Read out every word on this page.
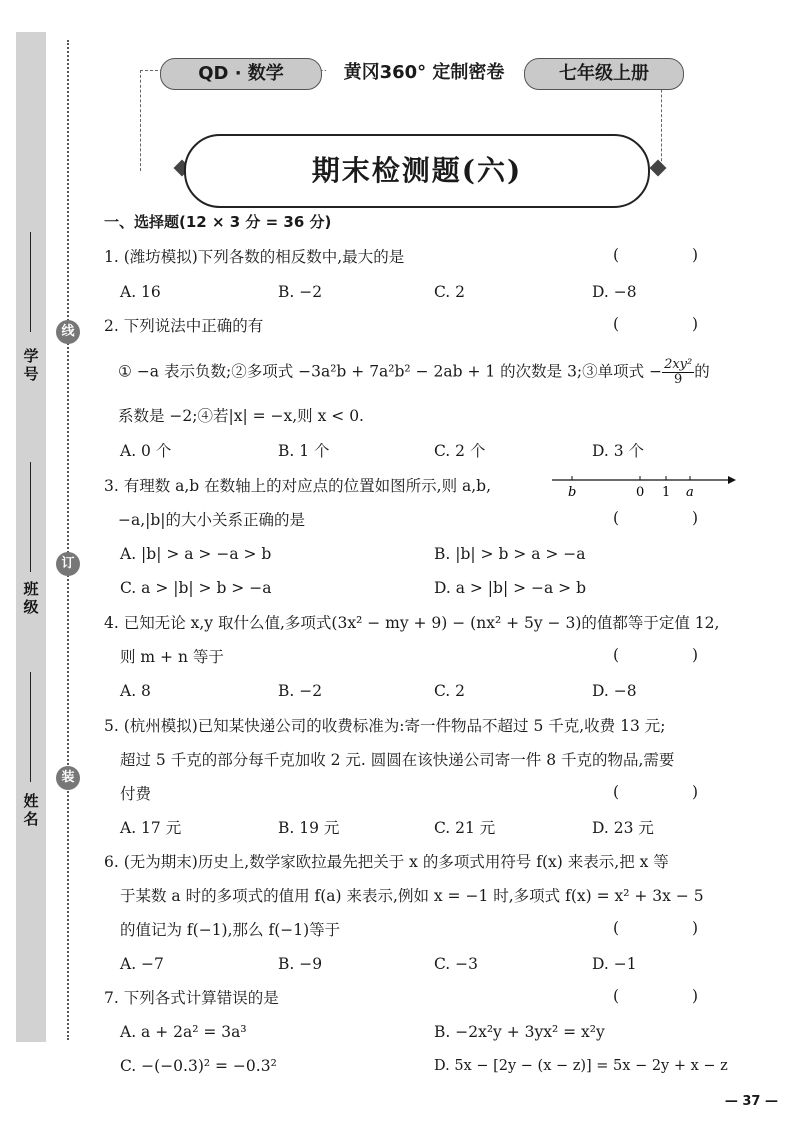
学号
班级
姓名
线
订
装
QD · 数学	黄冈360° 定制密卷	七年级上册
期末检测题(六)
一、选择题(12 × 3 分 = 36 分)
1. (潍坊模拟)下列各数的相反数中,最大的是	( )
A. 16	B. −2	C. 2	D. −8
2. 下列说法中正确的有	( )
① −a 表示负数;②多项式 −3a²b + 7a²b² − 2ab + 1 的次数是 3;③单项式 − $\frac{\text{2xy²}}{9}$ 的
系数是 −2;④若|x| = −x,则 x < 0.
A. 0 个	B. 1 个	C. 2 个	D. 3 个
3. 有理数 a,b 在数轴上的对应点的位置如图所示,则 a,b,	b	0 1 a
−a,|b|的大小关系正确的是	( )
A. |b| > a > −a > b	B. |b| > b > a > −a
C. a > |b| > b > −a	D. a > |b| > −a > b
4. 已知无论 x,y 取什么值,多项式(3x² − my + 9) − (nx² + 5y − 3)的值都等于定值 12,
则 m + n 等于	( )
A. 8	B. −2	C. 2	D. −8
5. (杭州模拟)已知某快递公司的收费标准为:寄一件物品不超过 5 千克,收费 13 元;
超过 5 千克的部分每千克加收 2 元. 圆圆在该快递公司寄一件 8 千克的物品,需要
付费	( )
A. 17 元	B. 19 元	C. 21 元	D. 23 元
6. (无为期末)历史上,数学家欧拉最先把关于 x 的多项式用符号 f(x) 来表示,把 x 等
于某数 a 时的多项式的值用 f(a) 来表示,例如 x = −1 时,多项式 f(x) = x² + 3x − 5
的值记为 f(−1),那么 f(−1)等于	( )
A. −7	B. −9	C. −3	D. −1
7. 下列各式计算错误的是	( )
A. a + 2a² = 3a³	B. −2x²y + 3yx² = x²y
C. −(−0.3)² = −0.3²	D. 5x − [2y − (x − z)] = 5x − 2y + x − z
— 37 —
